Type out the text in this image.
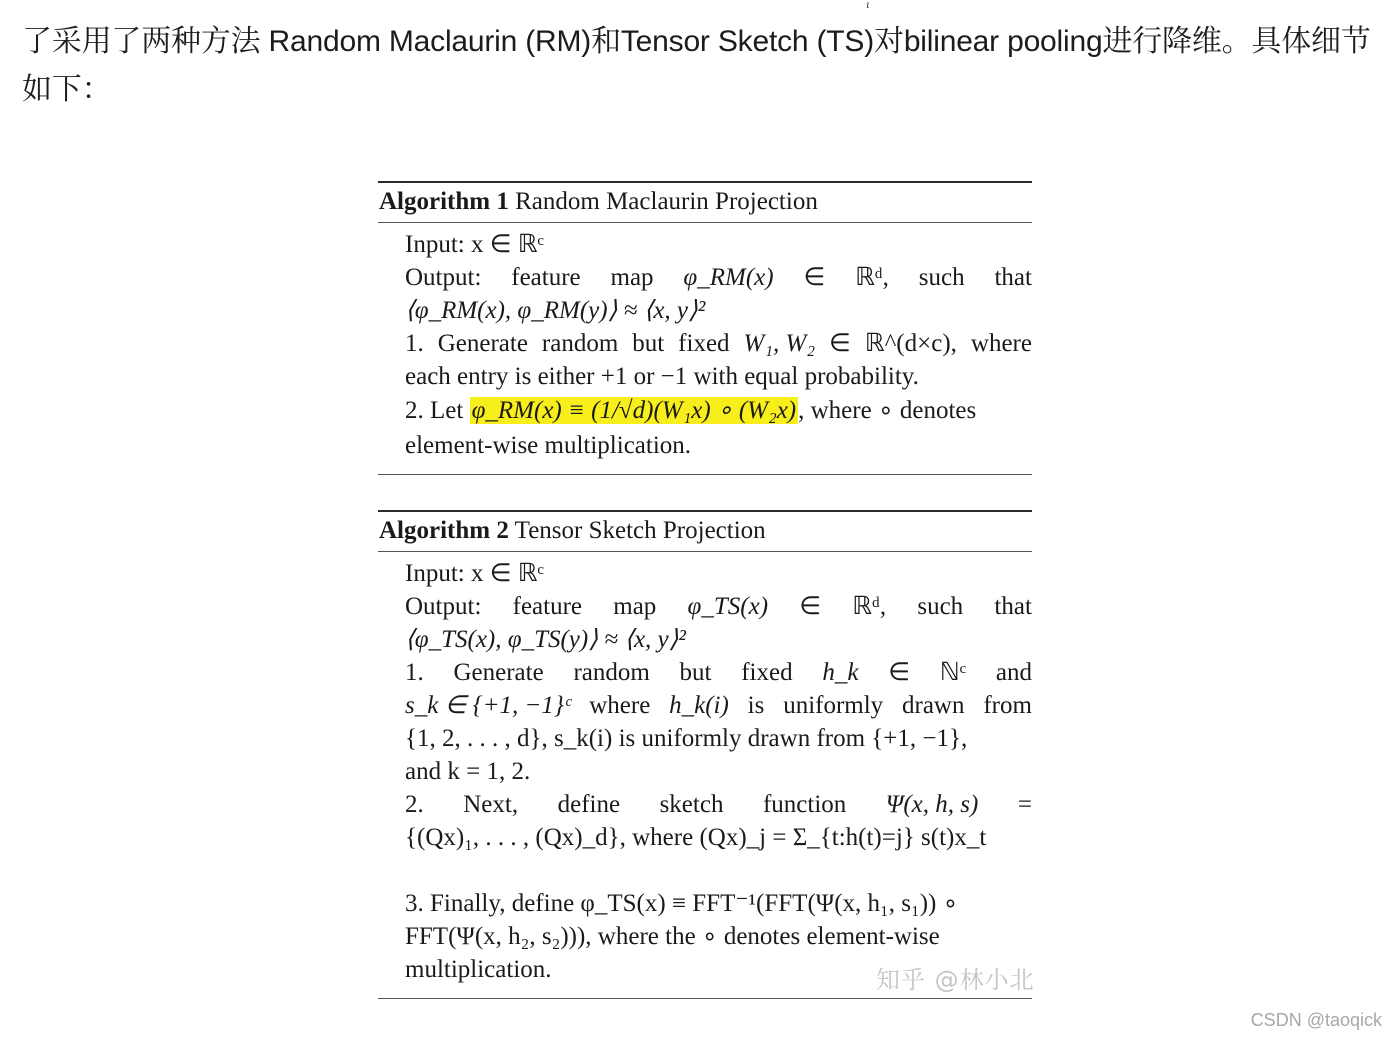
ι
了采用了两种方法 Random Maclaurin (RM)和Tensor Sketch (TS)对bilinear pooling进行降维。具体细节如下：
Algorithm 1 Random Maclaurin Projection
Input: x ∈ ℝᶜ
Output: feature map φ_RM(x) ∈ ℝᵈ, such that
⟨φ_RM(x), φ_RM(y)⟩ ≈ ⟨x, y⟩²
1. Generate random but fixed W₁, W₂ ∈ ℝ^(d×c), where
each entry is either +1 or −1 with equal probability.
2. Let φ_RM(x) ≡ (1/√d)(W₁x) ∘ (W₂x), where ∘ denotes
element-wise multiplication.
Algorithm 2 Tensor Sketch Projection
Input: x ∈ ℝᶜ
Output: feature map φ_TS(x) ∈ ℝᵈ, such that
⟨φ_TS(x), φ_TS(y)⟩ ≈ ⟨x, y⟩²
1. Generate random but fixed h_k ∈ ℕᶜ and
s_k ∈ {+1, −1}ᶜ where h_k(i) is uniformly drawn from
{1, 2, . . . , d}, s_k(i) is uniformly drawn from {+1, −1},
and k = 1, 2.
2. Next, define sketch function Ψ(x, h, s) =
{(Qx)₁, . . . , (Qx)_d}, where (Qx)_j = Σ_{t:h(t)=j} s(t)x_t
3. Finally, define φ_TS(x) ≡ FFT⁻¹(FFT(Ψ(x, h₁, s₁)) ∘
FFT(Ψ(x, h₂, s₂))), where the ∘ denotes element-wise
multiplication.	知乎 @林小北
CSDN @taoqick
